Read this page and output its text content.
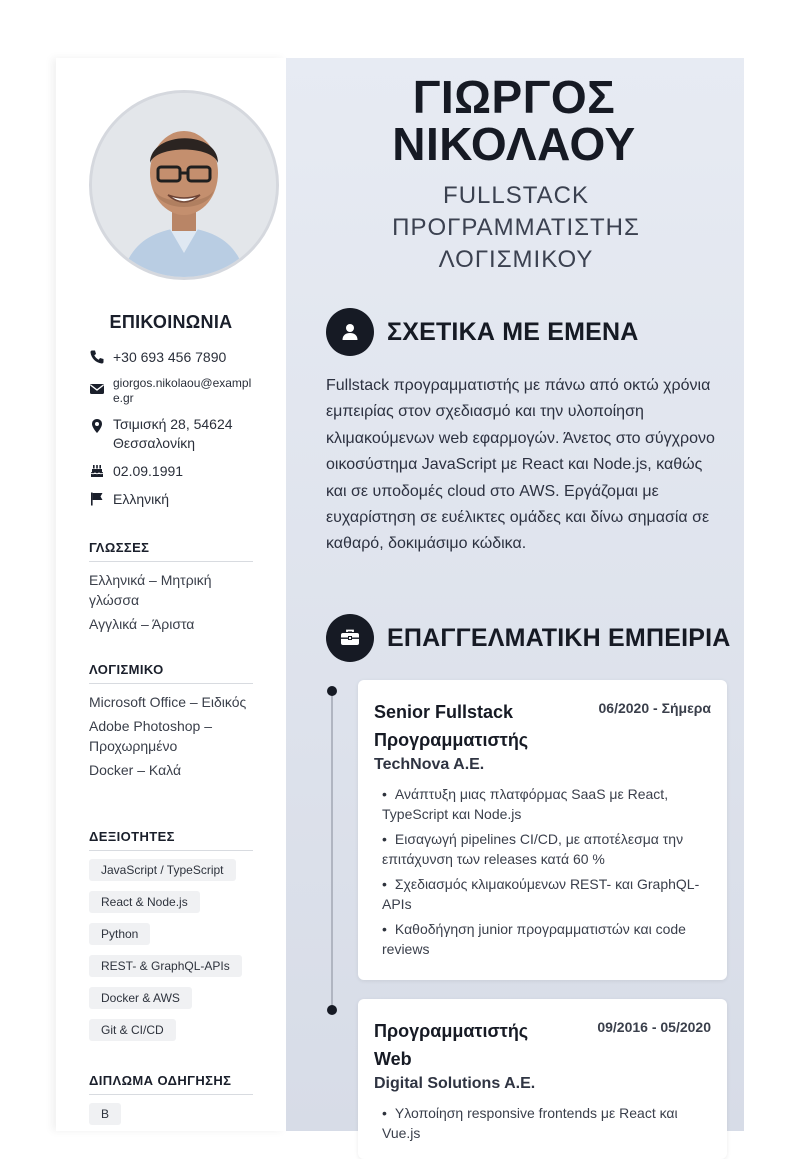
ΕΠΙΚΟΙΝΩΝΙΑ
+30 693 456 7890
giorgos.nikolaou@example.gr
Τσιμισκή 28, 54624 Θεσσαλονίκη
02.09.1991
Ελληνική
ΓΛΩΣΣΕΣ
Ελληνικά – Μητρική γλώσσα
Αγγλικά – Άριστα
ΛΟΓΙΣΜΙΚΟ
Microsoft Office – Ειδικός
Adobe Photoshop – Προχωρημένο
Docker – Καλά
ΔΕΞΙΟΤΗΤΕΣ
JavaScript / TypeScript
React & Node.js
Python
REST- & GraphQL-APIs
Docker & AWS
Git & CI/CD
ΔΙΠΛΩΜΑ ΟΔΗΓΗΣΗΣ
B
ΓΙΩΡΓΟΣ ΝΙΚΟΛΑΟΥ
FULLSTACK ΠΡΟΓΡΑΜΜΑΤΙΣΤΗΣ ΛΟΓΙΣΜΙΚΟΥ
ΣΧΕΤΙΚΑ ΜΕ ΕΜΕΝΑ
Fullstack προγραμματιστής με πάνω από οκτώ χρόνια εμπειρίας στον σχεδιασμό και την υλοποίηση κλιμακούμενων web εφαρμογών. Άνετος στο σύγχρονο οικοσύστημα JavaScript με React και Node.js, καθώς και σε υποδομές cloud στο AWS. Εργάζομαι με ευχαρίστηση σε ευέλικτες ομάδες και δίνω σημασία σε καθαρό, δοκιμάσιμο κώδικα.
ΕΠΑΓΓΕΛΜΑΤΙΚΗ ΕΜΠΕΙΡΙΑ
Senior Fullstack Προγραμματιστής
06/2020 - Σήμερα
TechNova A.E.
• Ανάπτυξη μιας πλατφόρμας SaaS με React, TypeScript και Node.js
• Εισαγωγή pipelines CI/CD, με αποτέλεσμα την επιτάχυνση των releases κατά 60 %
• Σχεδιασμός κλιμακούμενων REST- και GraphQL-APIs
• Καθοδήγηση junior προγραμματιστών και code reviews
Προγραμματιστής Web
09/2016 - 05/2020
Digital Solutions A.E.
• Υλοποίηση responsive frontends με React και Vue.js
